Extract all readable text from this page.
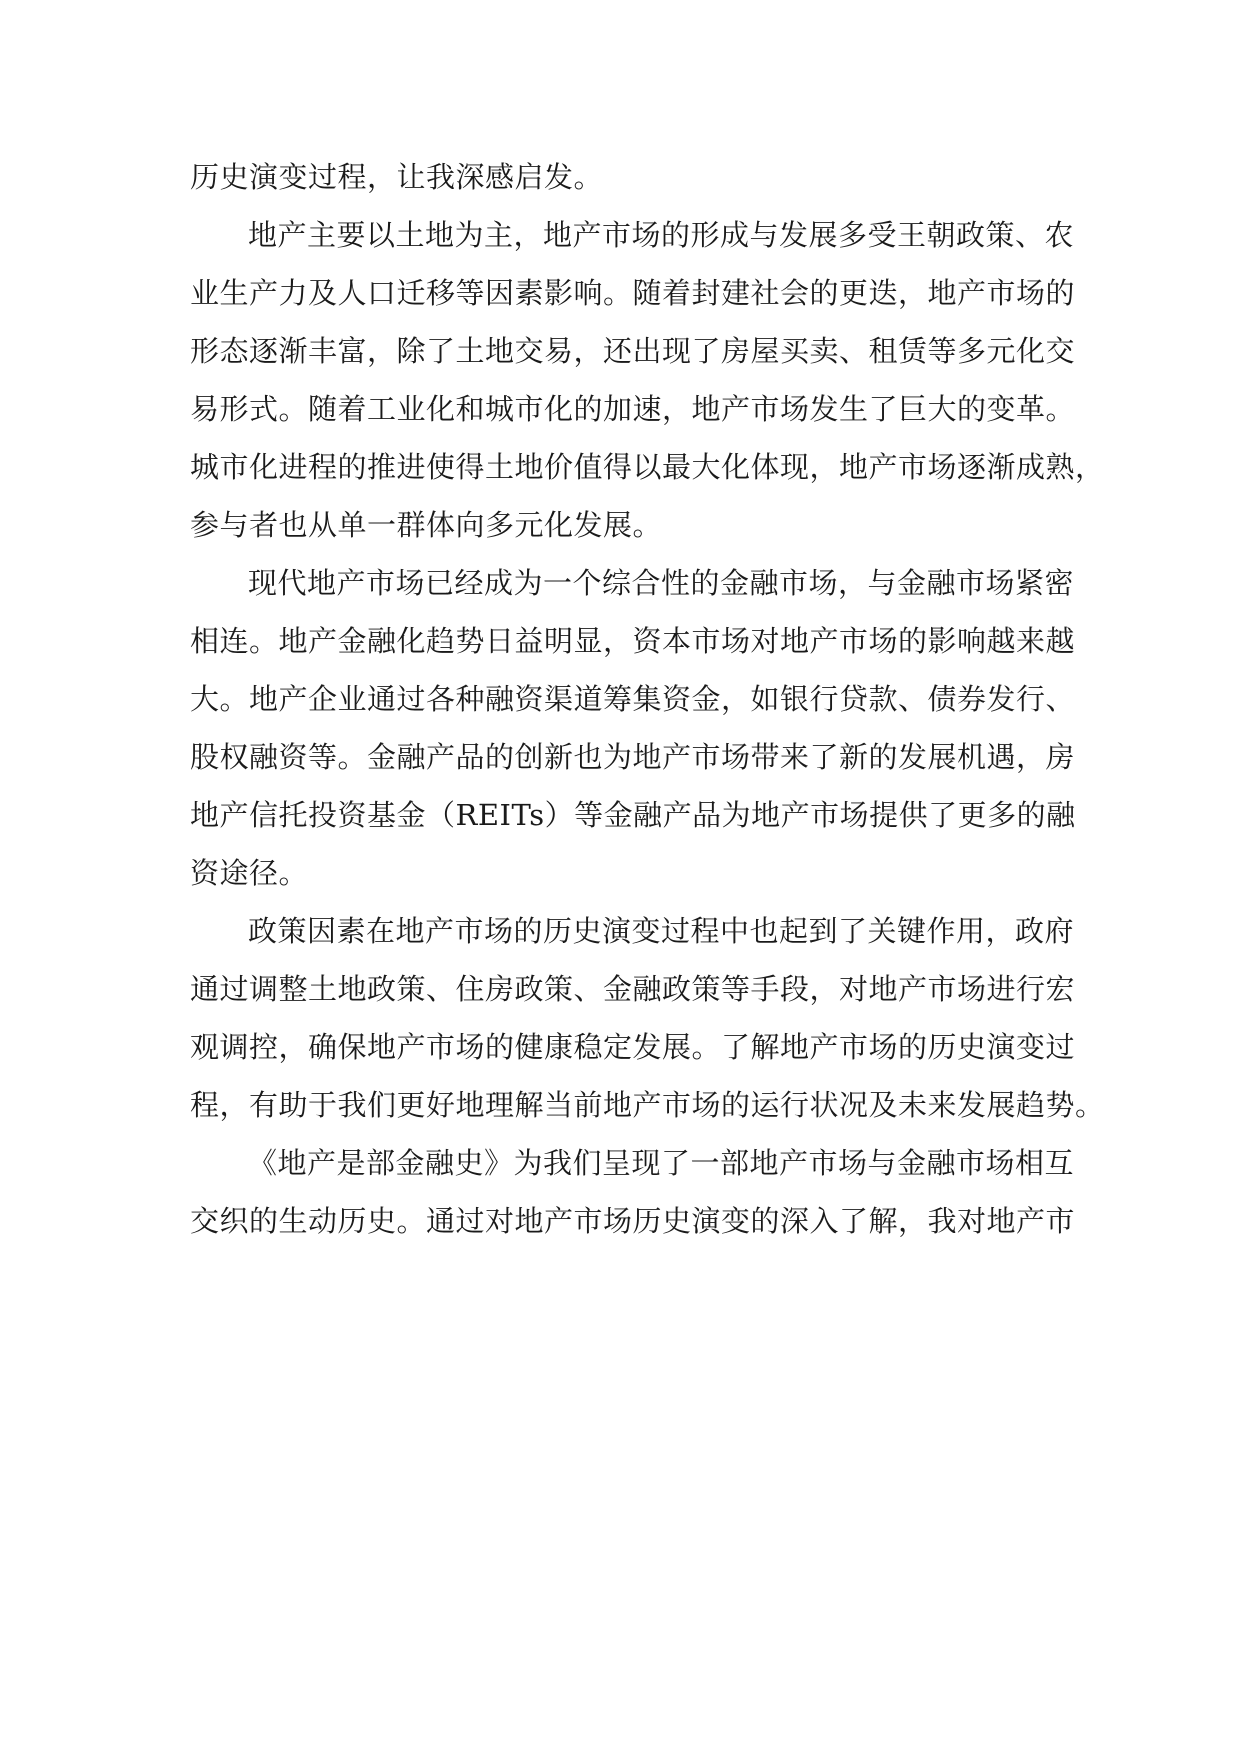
历史演变过程，让我深感启发。
地产主要以土地为主，地产市场的形成与发展多受王朝政策、农
业生产力及人口迁移等因素影响。随着封建社会的更迭，地产市场的
形态逐渐丰富，除了土地交易，还出现了房屋买卖、租赁等多元化交
易形式。随着工业化和城市化的加速，地产市场发生了巨大的变革。
城市化进程的推进使得土地价值得以最大化体现，地产市场逐渐成熟，
参与者也从单一群体向多元化发展。
现代地产市场已经成为一个综合性的金融市场，与金融市场紧密
相连。地产金融化趋势日益明显，资本市场对地产市场的影响越来越
大。地产企业通过各种融资渠道筹集资金，如银行贷款、债券发行、
股权融资等。金融产品的创新也为地产市场带来了新的发展机遇，房
地产信托投资基金（REITs）等金融产品为地产市场提供了更多的融
资途径。
政策因素在地产市场的历史演变过程中也起到了关键作用，政府
通过调整土地政策、住房政策、金融政策等手段，对地产市场进行宏
观调控，确保地产市场的健康稳定发展。了解地产市场的历史演变过
程，有助于我们更好地理解当前地产市场的运行状况及未来发展趋势。
《地产是部金融史》为我们呈现了一部地产市场与金融市场相互
交织的生动历史。通过对地产市场历史演变的深入了解，我对地产市
